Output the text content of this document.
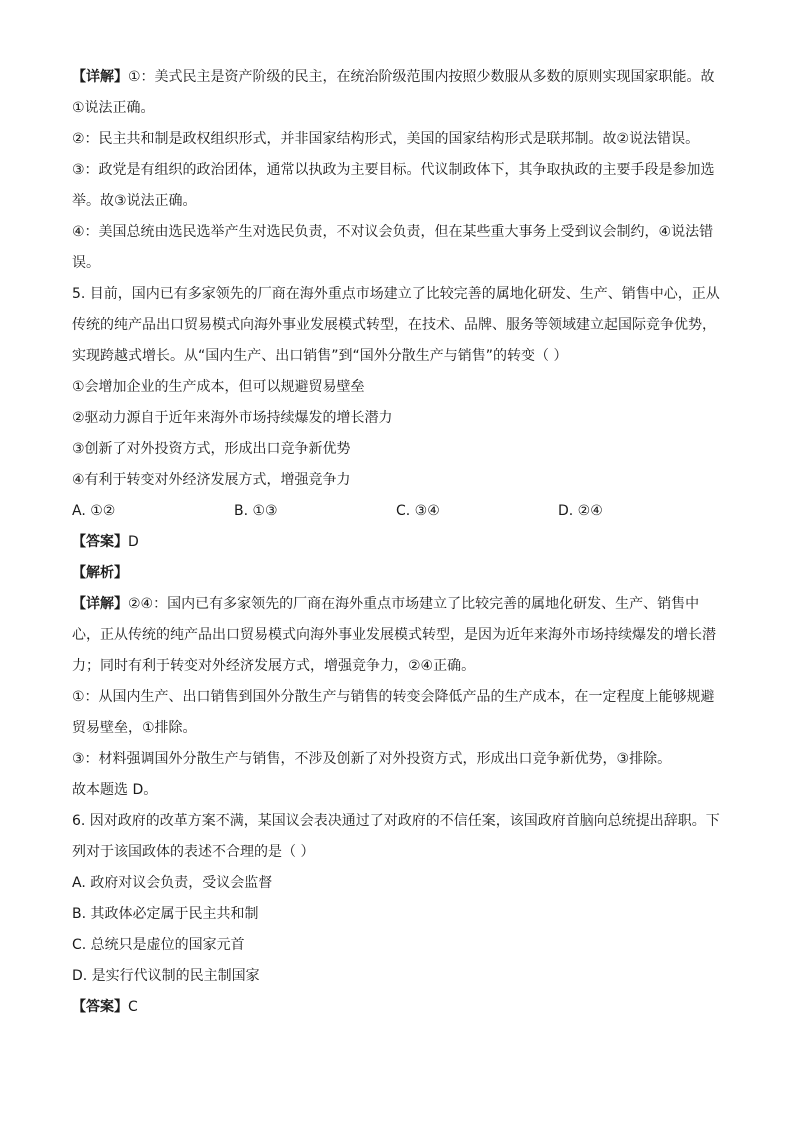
【详解】①：美式民主是资产阶级的民主，在统治阶级范围内按照少数服从多数的原则实现国家职能。故
①说法正确。
②：民主共和制是政权组织形式，并非国家结构形式，美国的国家结构形式是联邦制。故②说法错误。
③：政党是有组织的政治团体，通常以执政为主要目标。代议制政体下，其争取执政的主要手段是参加选
举。故③说法正确。
④：美国总统由选民选举产生对选民负责，不对议会负责，但在某些重大事务上受到议会制约，④说法错
误。
5. 目前，国内已有多家领先的厂商在海外重点市场建立了比较完善的属地化研发、生产、销售中心，正从
传统的纯产品出口贸易模式向海外事业发展模式转型，在技术、品牌、服务等领域建立起国际竞争优势，
实现跨越式增长。从“国内生产、出口销售”到“国外分散生产与销售”的转变（ ）
①会增加企业的生产成本，但可以规避贸易壁垒
②驱动力源自于近年来海外市场持续爆发的增长潜力
③创新了对外投资方式，形成出口竞争新优势
④有利于转变对外经济发展方式，增强竞争力
A. ①②	B. ①③	C. ③④	D. ②④
【答案】D
【解析】
【详解】②④：国内已有多家领先的厂商在海外重点市场建立了比较完善的属地化研发、生产、销售中
心，正从传统的纯产品出口贸易模式向海外事业发展模式转型，是因为近年来海外市场持续爆发的增长潜
力；同时有利于转变对外经济发展方式，增强竞争力，②④正确。
①：从国内生产、出口销售到国外分散生产与销售的转变会降低产品的生产成本，在一定程度上能够规避
贸易壁垒，①排除。
③：材料强调国外分散生产与销售，不涉及创新了对外投资方式，形成出口竞争新优势，③排除。
故本题选 D。
6. 因对政府的改革方案不满，某国议会表决通过了对政府的不信任案，该国政府首脑向总统提出辞职。下
列对于该国政体的表述不合理的是（ ）
A. 政府对议会负责，受议会监督
B. 其政体必定属于民主共和制
C. 总统只是虚位的国家元首
D. 是实行代议制的民主制国家
【答案】C
